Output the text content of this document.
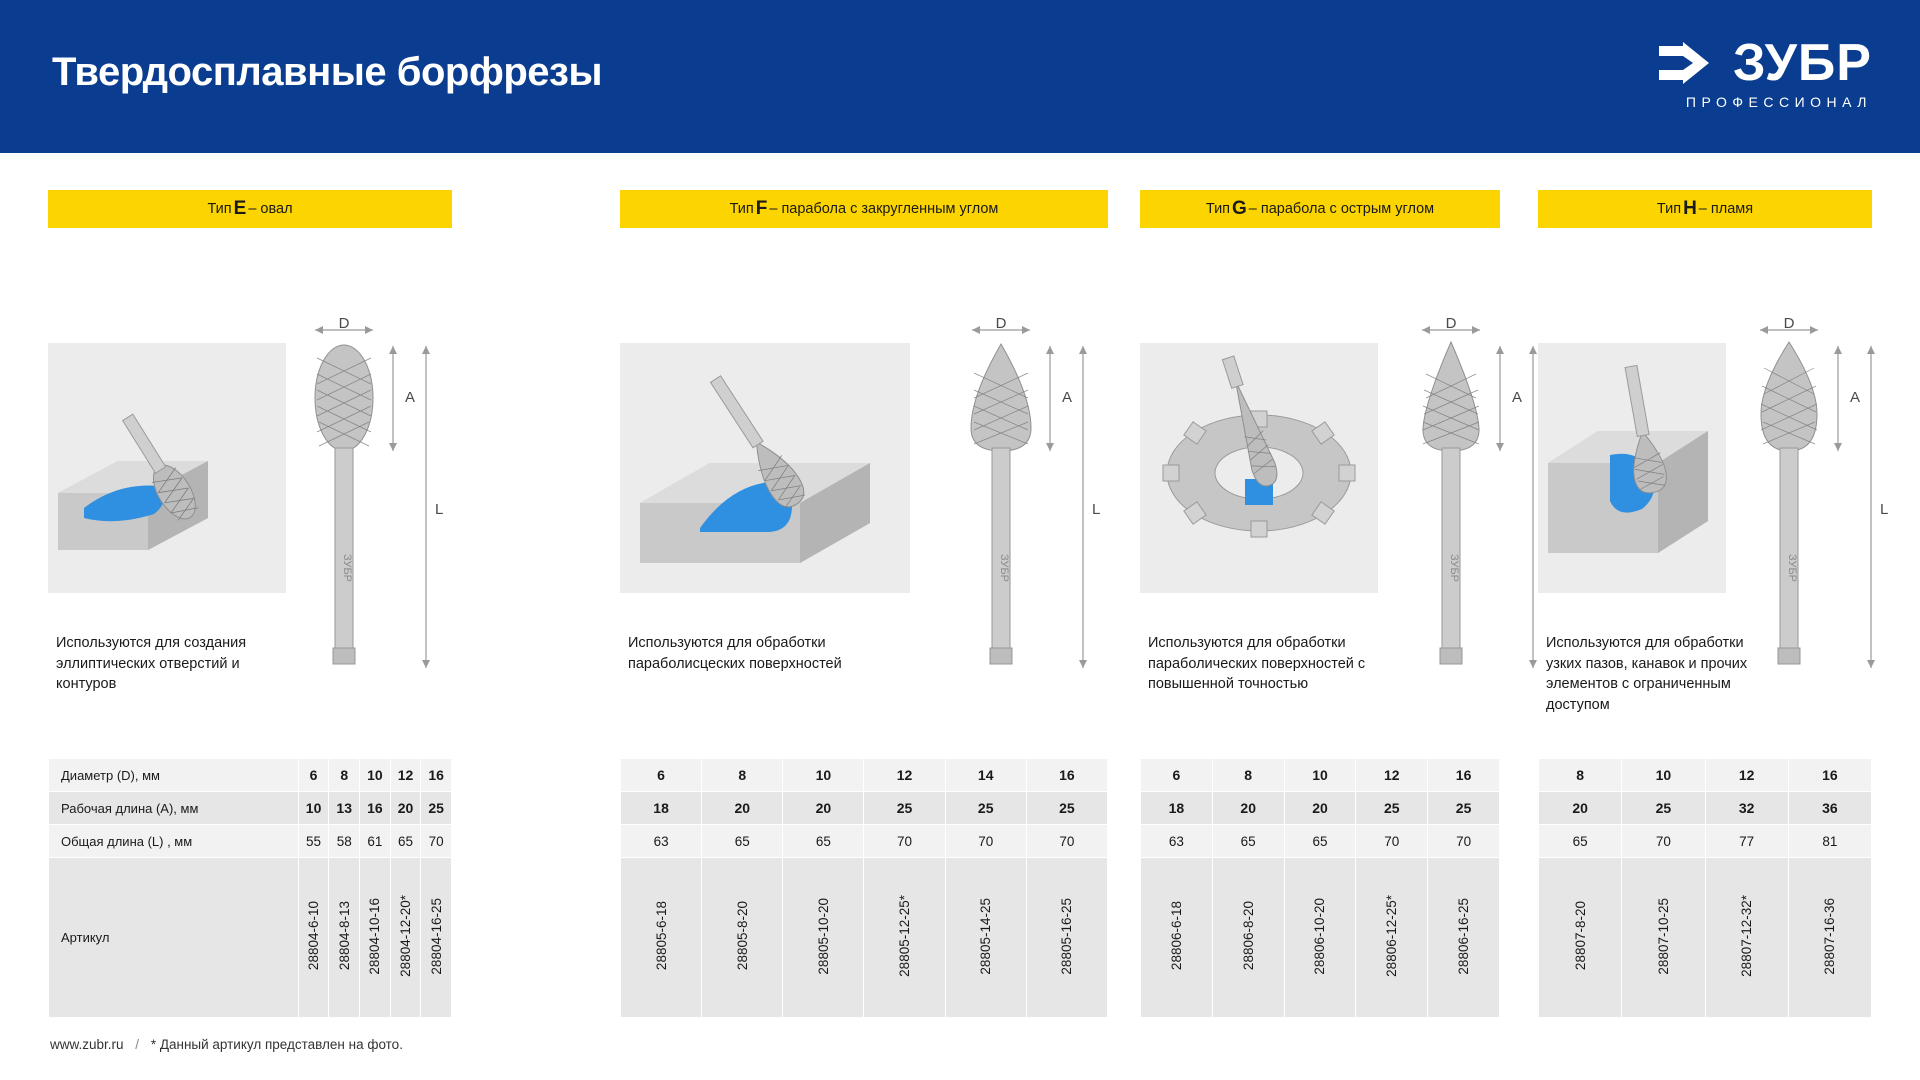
Твердосплавные борфрезы	ЗУБР
ПРОФЕССИОНАЛ
Тип E – овал
Используются для создания эллиптических отверстий и контуров
D
ЗУБР
A
L
Диаметр (D), мм	6	8	10	12	16
Рабочая длина (А), мм	10	13	16	20	25
Общая длина (L) , мм	55	58	61	65	70
Артикул	28804-6-10	28804-8-13	28804-10-16	28804-12-20*	28804-16-25
Тип F – парабола с закругленным углом
Используются для обработки параболисцеских поверхностей
D
ЗУБР
A
L
6	8	10	12	14	16
18	20	20	25	25	25
63	65	65	70	70	70
28805-6-18	28805-8-20	28805-10-20	28805-12-25*	28805-14-25	28805-16-25
Тип G – парабола с острым углом
Используются для обработки параболических поверхностей с повышенной точностью
D
ЗУБР
A
6	8	10	12	16
18	20	20	25	25
63	65	65	70	70
28806-6-18	28806-8-20	28806-10-20	28806-12-25*	28806-16-25
Тип H – пламя
Используются для обработки узких пазов, канавок и прочих элементов с ограниченным доступом
D
ЗУБР
A
L
8	10	12	16
20	25	32	36
65	70	77	81
28807-8-20	28807-10-25	28807-12-32*	28807-16-36
www.zubr.ru / * Данный артикул представлен на фото.
